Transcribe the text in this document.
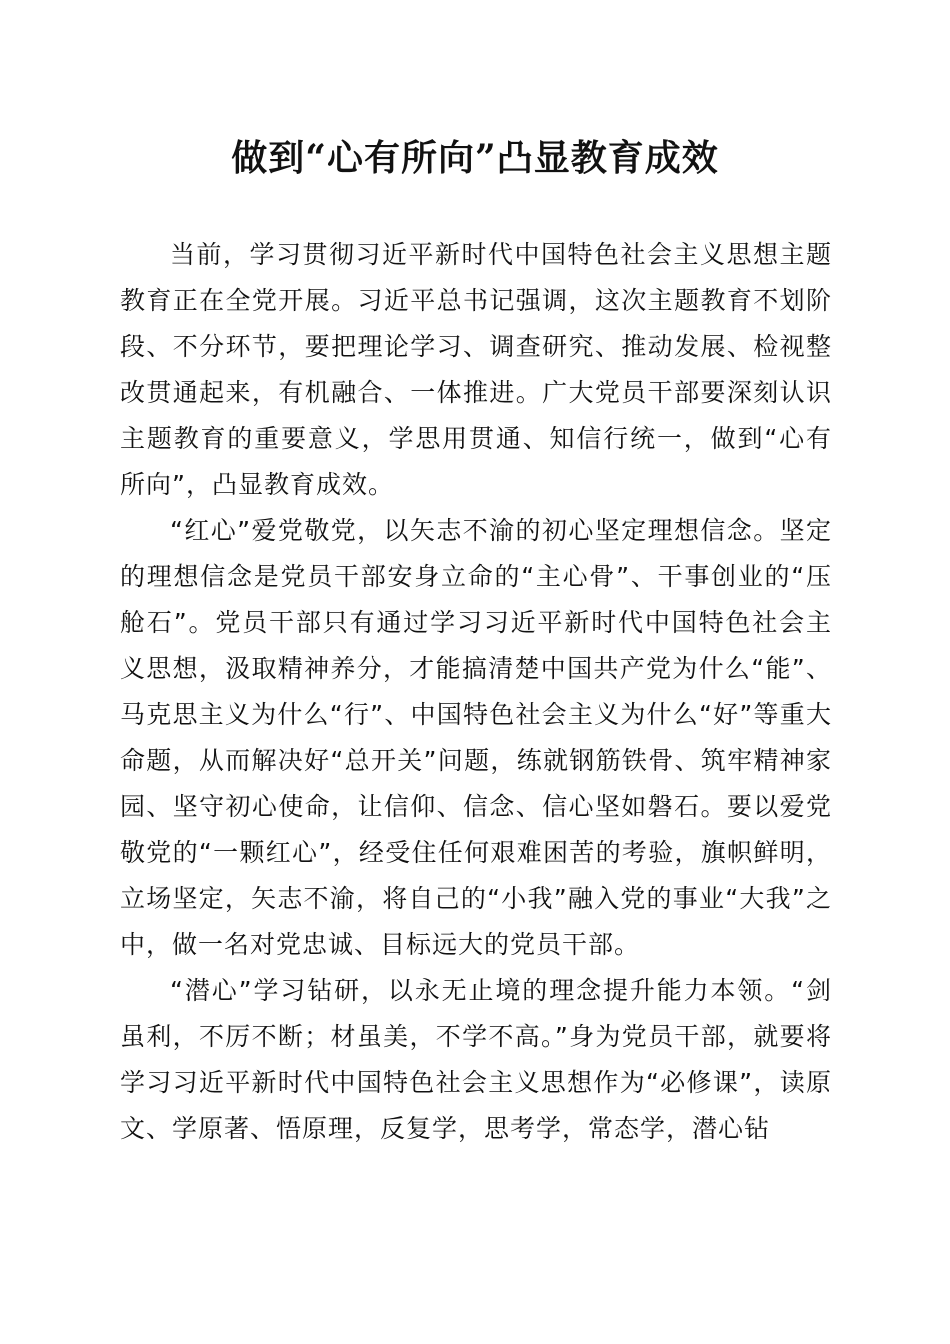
做到“心有所向”凸显教育成效

当前，学习贯彻习近平新时代中国特色社会主义思想主题教育正在全党开展。习近平总书记强调，这次主题教育不划阶段、不分环节，要把理论学习、调查研究、推动发展、检视整改贯通起来，有机融合、一体推进。广大党员干部要深刻认识主题教育的重要意义，学思用贯通、知信行统一，做到“心有所向”，凸显教育成效。

“红心”爱党敬党，以矢志不渝的初心坚定理想信念。坚定的理想信念是党员干部安身立命的“主心骨”、干事创业的“压舱石”。党员干部只有通过学习习近平新时代中国特色社会主义思想，汲取精神养分，才能搞清楚中国共产党为什么“能”、马克思主义为什么“行”、中国特色社会主义为什么“好”等重大命题，从而解决好“总开关”问题，练就钢筋铁骨、筑牢精神家园、坚守初心使命，让信仰、信念、信心坚如磐石。要以爱党敬党的“一颗红心”，经受住任何艰难困苦的考验，旗帜鲜明，立场坚定，矢志不渝，将自己的“小我”融入党的事业“大我”之中，做一名对党忠诚、目标远大的党员干部。

“潜心”学习钻研，以永无止境的理念提升能力本领。“剑虽利，不厉不断；材虽美，不学不高。”身为党员干部，就要将学习习近平新时代中国特色社会主义思想作为“必修课”，读原文、学原著、悟原理，反复学，思考学，常态学，潜心钻
